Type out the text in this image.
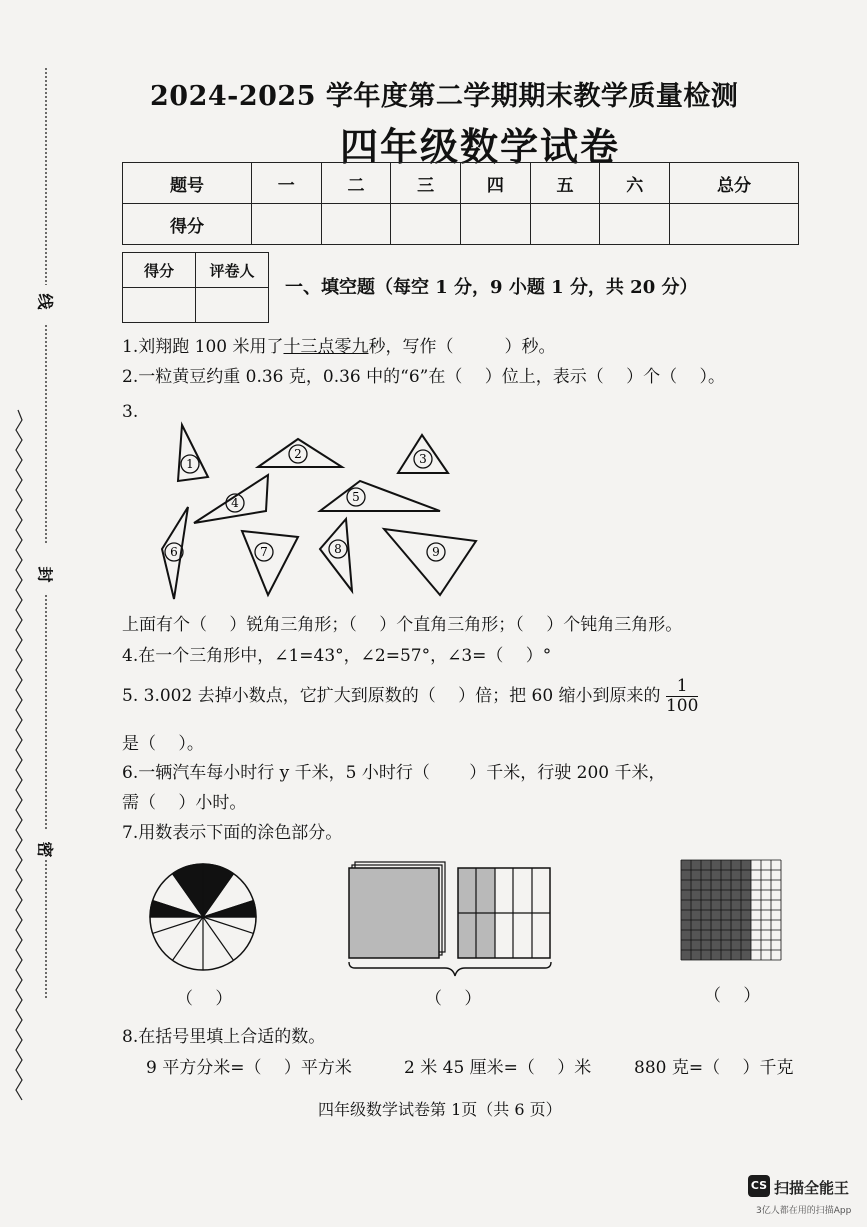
线
封
密
2024-2025 学年度第二学期期末教学质量检测
四年级数学试卷
题号	一	二	三	四	五	六	总分
得分							
得分	评卷人

一、填空题（每空 1 分，9 小题 1 分，共 20 分）
1.刘翔跑 100 米用了十三点零九秒，写作（　　　）秒。
2.一粒黄豆约重 0.36 克，0.36 中的“6”在（　 ）位上，表示（　 ）个（　 ）。
3.
1
2	3
4	5
6	7	8	9
上面有个（　 ）锐角三角形；（　 ）个直角三角形；（　 ）个钝角三角形。
4.在一个三角形中，∠1=43°，∠2=57°，∠3=（　 ）°
5. 3.002 去掉小数点，它扩大到原数的（　 ）倍；把 60 缩小到原来的 $\frac{1}{100}$
是（　 ）。
6.一辆汽车每小时行 y 千米，5 小时行（　　 ）千米，行驶 200 千米，
需（　 ）小时。
7.用数表示下面的涂色部分。
（　 ）	（　 ）	（　 ）
8.在括号里填上合适的数。
9 平方分米=（　 ）平方米	2 米 45 厘米=（　 ）米	880 克=（　 ）千克
四年级数学试卷第 1页（共 6 页）
CS 扫描全能王
3亿人都在用的扫描App
